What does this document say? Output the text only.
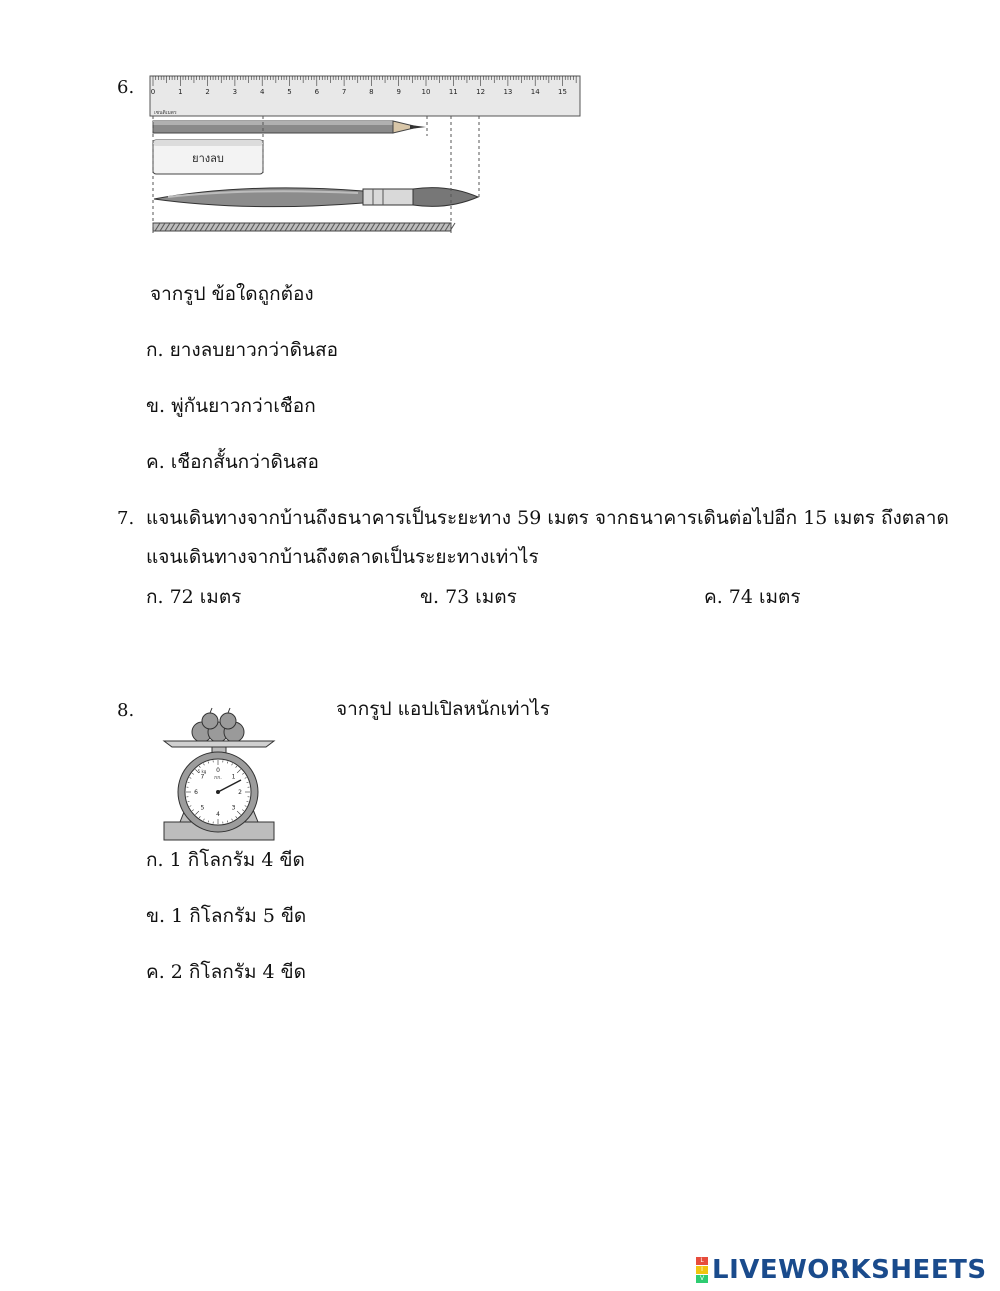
6. 0	1	2	3	4	5	6	7	8	9	10	11	12	13	14	15
เซนติเมตร
ยางลบ
จากรูป ข้อใดถูกต้อง
ก. ยางลบยาวกว่าดินสอ
ข. พู่กันยาวกว่าเชือก
ค. เชือกสั้นกว่าดินสอ
7. แจนเดินทางจากบ้านถึงธนาคารเป็นระยะทาง 59 เมตร จากธนาคารเดินต่อไปอีก 15 เมตร ถึงตลาด
แจนเดินทางจากบ้านถึงตลาดเป็นระยะทางเท่าไร
ก. 72 เมตร	ข. 73 เมตร	ค. 74 เมตร
8.	จากรูป แอปเปิลหนักเท่าไร
0
1
2
3
4
5
6
7 กก.
5 kg
ก. 1 กิโลกรัม 4 ขีด
ข. 1 กิโลกรัม 5 ขีด
ค. 2 กิโลกรัม 4 ขีด
L
I
V LIVEWORKSHEETS
